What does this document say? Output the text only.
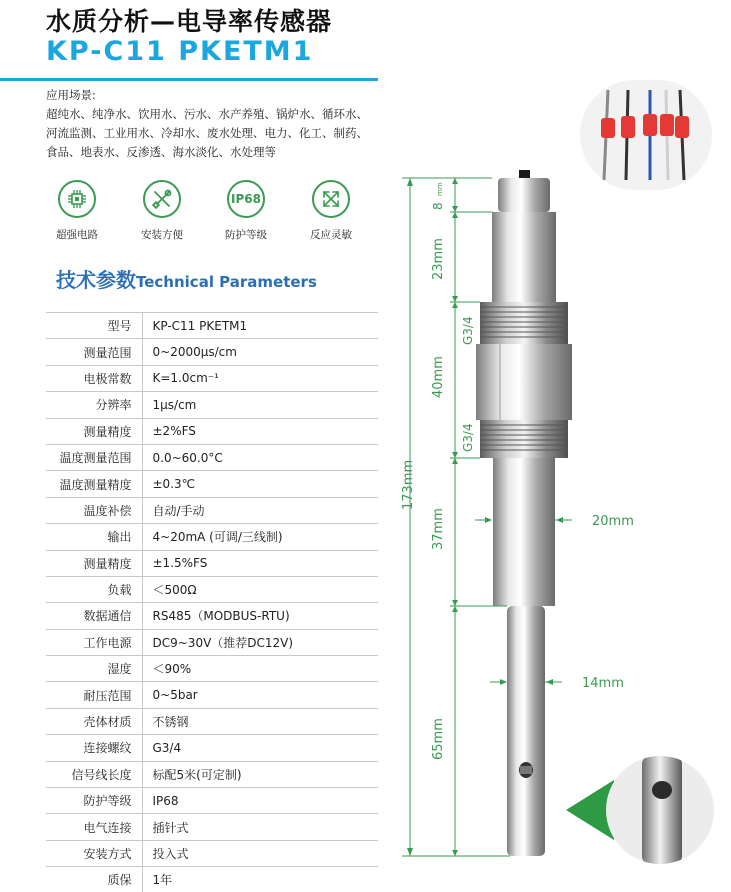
水质分析—电导率传感器
KP-C11 PKETM1
应用场景:
超纯水、纯净水、饮用水、污水、水产养殖、锅炉水、循环水、
河流监测、工业用水、冷却水、废水处理、电力、化工、制药、
食品、地表水、反渗透、海水淡化、水处理等
超强电路	安装方便
IP68
防护等级	反应灵敏
技术参数Technical Parameters
型号	KP-C11 PKETM1
测量范围	0~2000μs/cm
电极常数	K=1.0cm⁻¹
分辨率	1μs/cm
测量精度	±2%FS
温度测量范围	0.0~60.0°C
温度测量精度	±0.3℃
温度补偿	自动/手动
输出	4~20mA (可调/三线制)
测量精度	±1.5%FS
负载	＜500Ω
数据通信	RS485（MODBUS-RTU)
工作电源	DC9~30V（推荐DC12V)
湿度	＜90%
耐压范围	0~5bar
壳体材质	不锈钢
连接螺纹	G3/4
信号线长度	标配5米(可定制)
防护等级	IP68
电气连接	插针式
安装方式	投入式
质保	1年
173mm
8
mm
23mm
40mm
37mm
65mm
G3/4
G3/4
20mm
14mm
